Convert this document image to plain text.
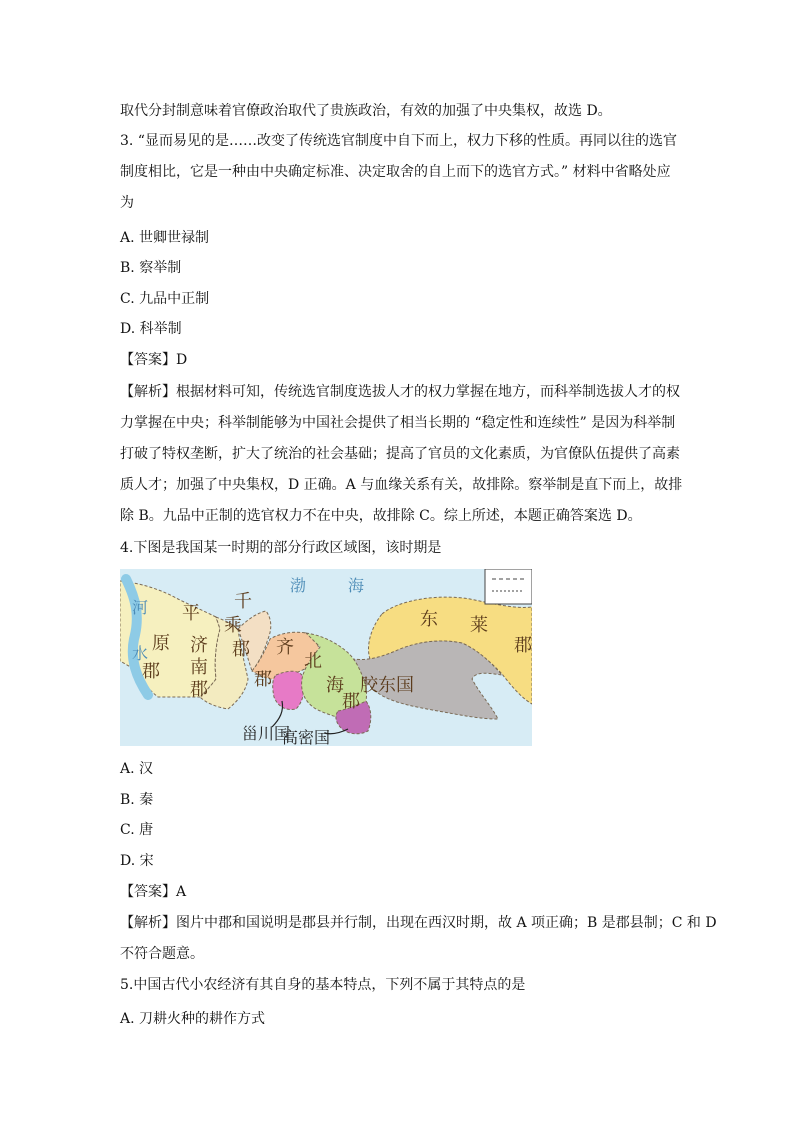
取代分封制意味着官僚政治取代了贵族政治，有效的加强了中央集权，故选 D。
3. “显而易见的是……改变了传统选官制度中自下而上，权力下移的性质。再同以往的选官
制度相比，它是一种由中央确定标准、决定取舍的自上而下的选官方式。” 材料中省略处应
为
A. 世卿世禄制
B. 察举制
C. 九品中正制
D. 科举制
【答案】D
【解析】根据材料可知，传统选官制度选拔人才的权力掌握在地方，而科举制选拔人才的权
力掌握在中央；科举制能够为中国社会提供了相当长期的 “稳定性和连续性” 是因为科举制
打破了特权垄断，扩大了统治的社会基础；提高了官员的文化素质，为官僚队伍提供了高素
质人才；加强了中央集权，D 正确。A 与血缘关系有关，故排除。察举制是直下而上，故排
除 B。九品中正制的选官权力不在中央，故排除 C。综上所述，本题正确答案选 D。
4.下图是我国某一时期的部分行政区域图，该时期是
河
水
平
原
郡
济
南
郡
千
乘
郡 齐
郡
北
海
郡
胶东国
渤	海
东 莱
郡
甾川国
高密国
A. 汉
B. 秦
C. 唐
D. 宋
【答案】A
【解析】图片中郡和国说明是郡县并行制，出现在西汉时期，故 A 项正确；B 是郡县制；C 和 D
不符合题意。
5.中国古代小农经济有其自身的基本特点，下列不属于其特点的是
A. 刀耕火种的耕作方式
